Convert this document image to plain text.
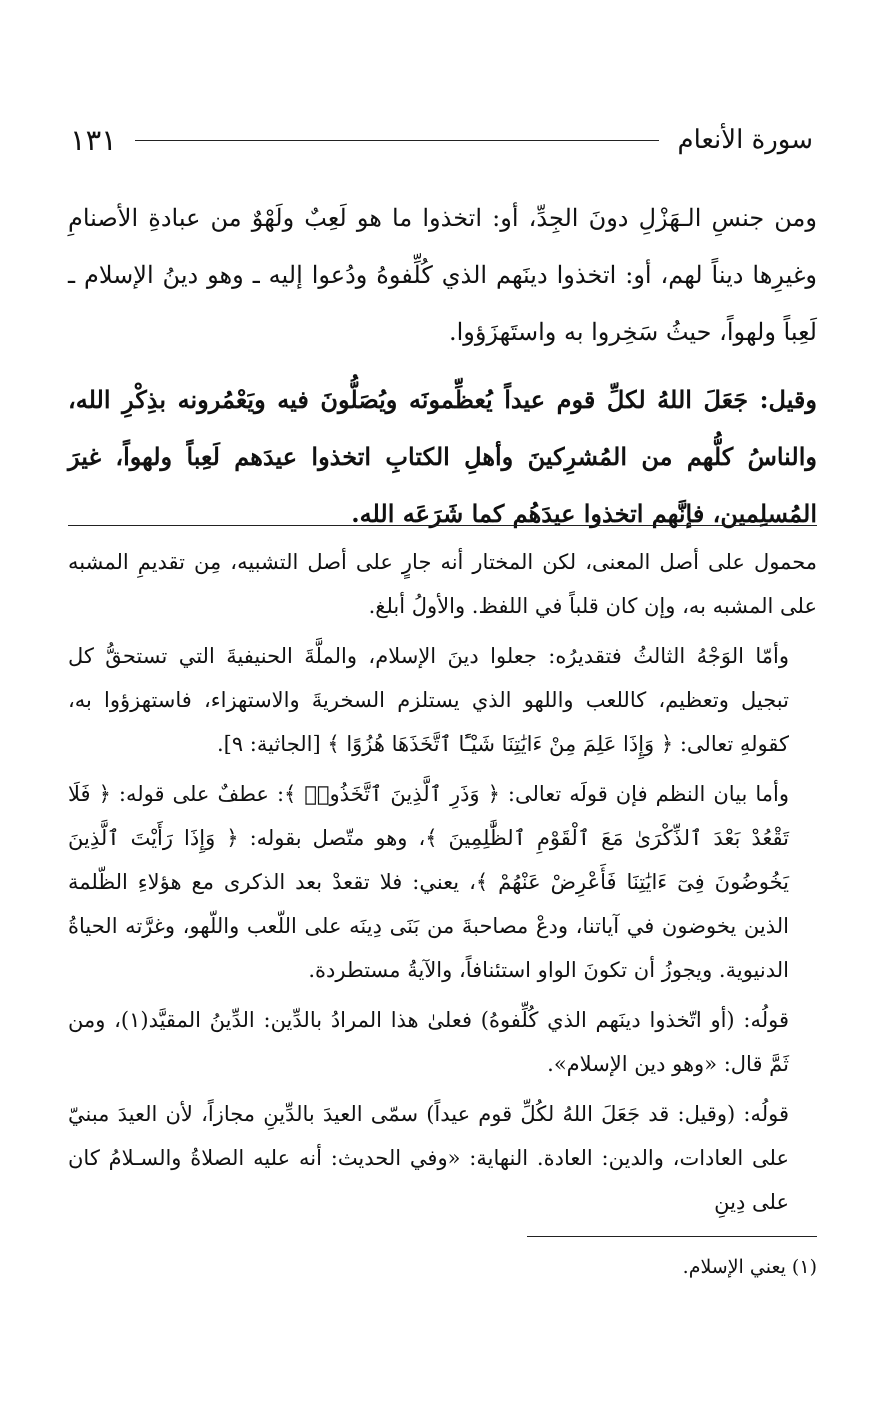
سورة الأنعام
١٣١

ومن جنسِ الـهَزْلِ دونَ الجِدِّ، أو: اتخذوا ما هو لَعِبٌ ولَهْوٌ من عبادةِ الأصنامِ وغيرِها ديناً لهم، أو: اتخذوا دينَهم الذي كُلِّفوهُ ودُعوا إليه ـ وهو دينُ الإسلام ـ لَعِباً ولهواً، حيثُ سَخِروا به واستَهزَؤوا.

وقيل: جَعَلَ اللهُ لكلِّ قوم عيداً يُعظِّمونَه ويُصَلُّونَ فيه ويَعْمُرونه بذِكْرِ الله، والناسُ كلُّهم من المُشرِكينَ وأهلِ الكتابِ اتخذوا عيدَهم لَعِباً ولهواً، غيرَ المُسلِمين، فإنَّهم اتخذوا عيدَهُم كما شَرَعَه الله.

محمول على أصل المعنى، لكن المختار أنه جارٍ على أصل التشبيه، مِن تقديمِ المشبه على المشبه به، وإن كان قلباً في اللفظ. والأولُ أبلغ.

وأمّا الوَجْهُ الثالثُ فتقديرُه: جعلوا دينَ الإسلام، والملَّةَ الحنيفيةَ التي تستحقُّ كل تبجيل وتعظيم، كاللعب واللهو الذي يستلزم السخريةَ والاستهزاء، فاستهزؤوا به، كقولهِ تعالى: ﴿ وَإِذَا عَلِمَ مِنْ ءَايَٰتِنَا شَيْـًٔا ٱتَّخَذَهَا هُزُوًا ﴾ [الجاثية: ٩].

وأما بيان النظم فإن قولَه تعالى: ﴿ وَذَرِ ٱلَّذِينَ ٱتَّخَذُوا۟ ﴾: عطفٌ على قوله: ﴿ فَلَا تَقْعُدْ بَعْدَ ٱلذِّكْرَىٰ مَعَ ٱلْقَوْمِ ٱلظَّٰلِمِينَ ﴾، وهو متّصل بقوله: ﴿ وَإِذَا رَأَيْتَ ٱلَّذِينَ يَخُوضُونَ فِىٓ ءَايَٰتِنَا فَأَعْرِضْ عَنْهُمْ ﴾، يعني: فلا تقعدْ بعد الذكرى مع هؤلاءِ الظّلمة الذين يخوضون في آياتنا، ودعْ مصاحبةَ من بَنَى دِينَه على اللّعب واللّهو، وغرَّته الحياةُ الدنيوية. ويجوزُ أن تكونَ الواو استئنافاً، والآيةُ مستطردة.

قولُه: (أو اتّخذوا دينَهم الذي كُلِّفوهُ) فعلىٰ هذا المرادُ بالدِّين: الدِّينُ المقيَّد(١)، ومن ثَمَّ قال: «وهو دين الإسلام».

قولُه: (وقيل: قد جَعَلَ اللهُ لكُلِّ قوم عيداً) سمّى العيدَ بالدِّينِ مجازاً، لأن العيدَ مبنيّ على العادات، والدين: العادة. النهاية: «وفي الحديث: أنه عليه الصلاةُ والسـلامُ كان على دِينِ

(١) يعني الإسلام.
